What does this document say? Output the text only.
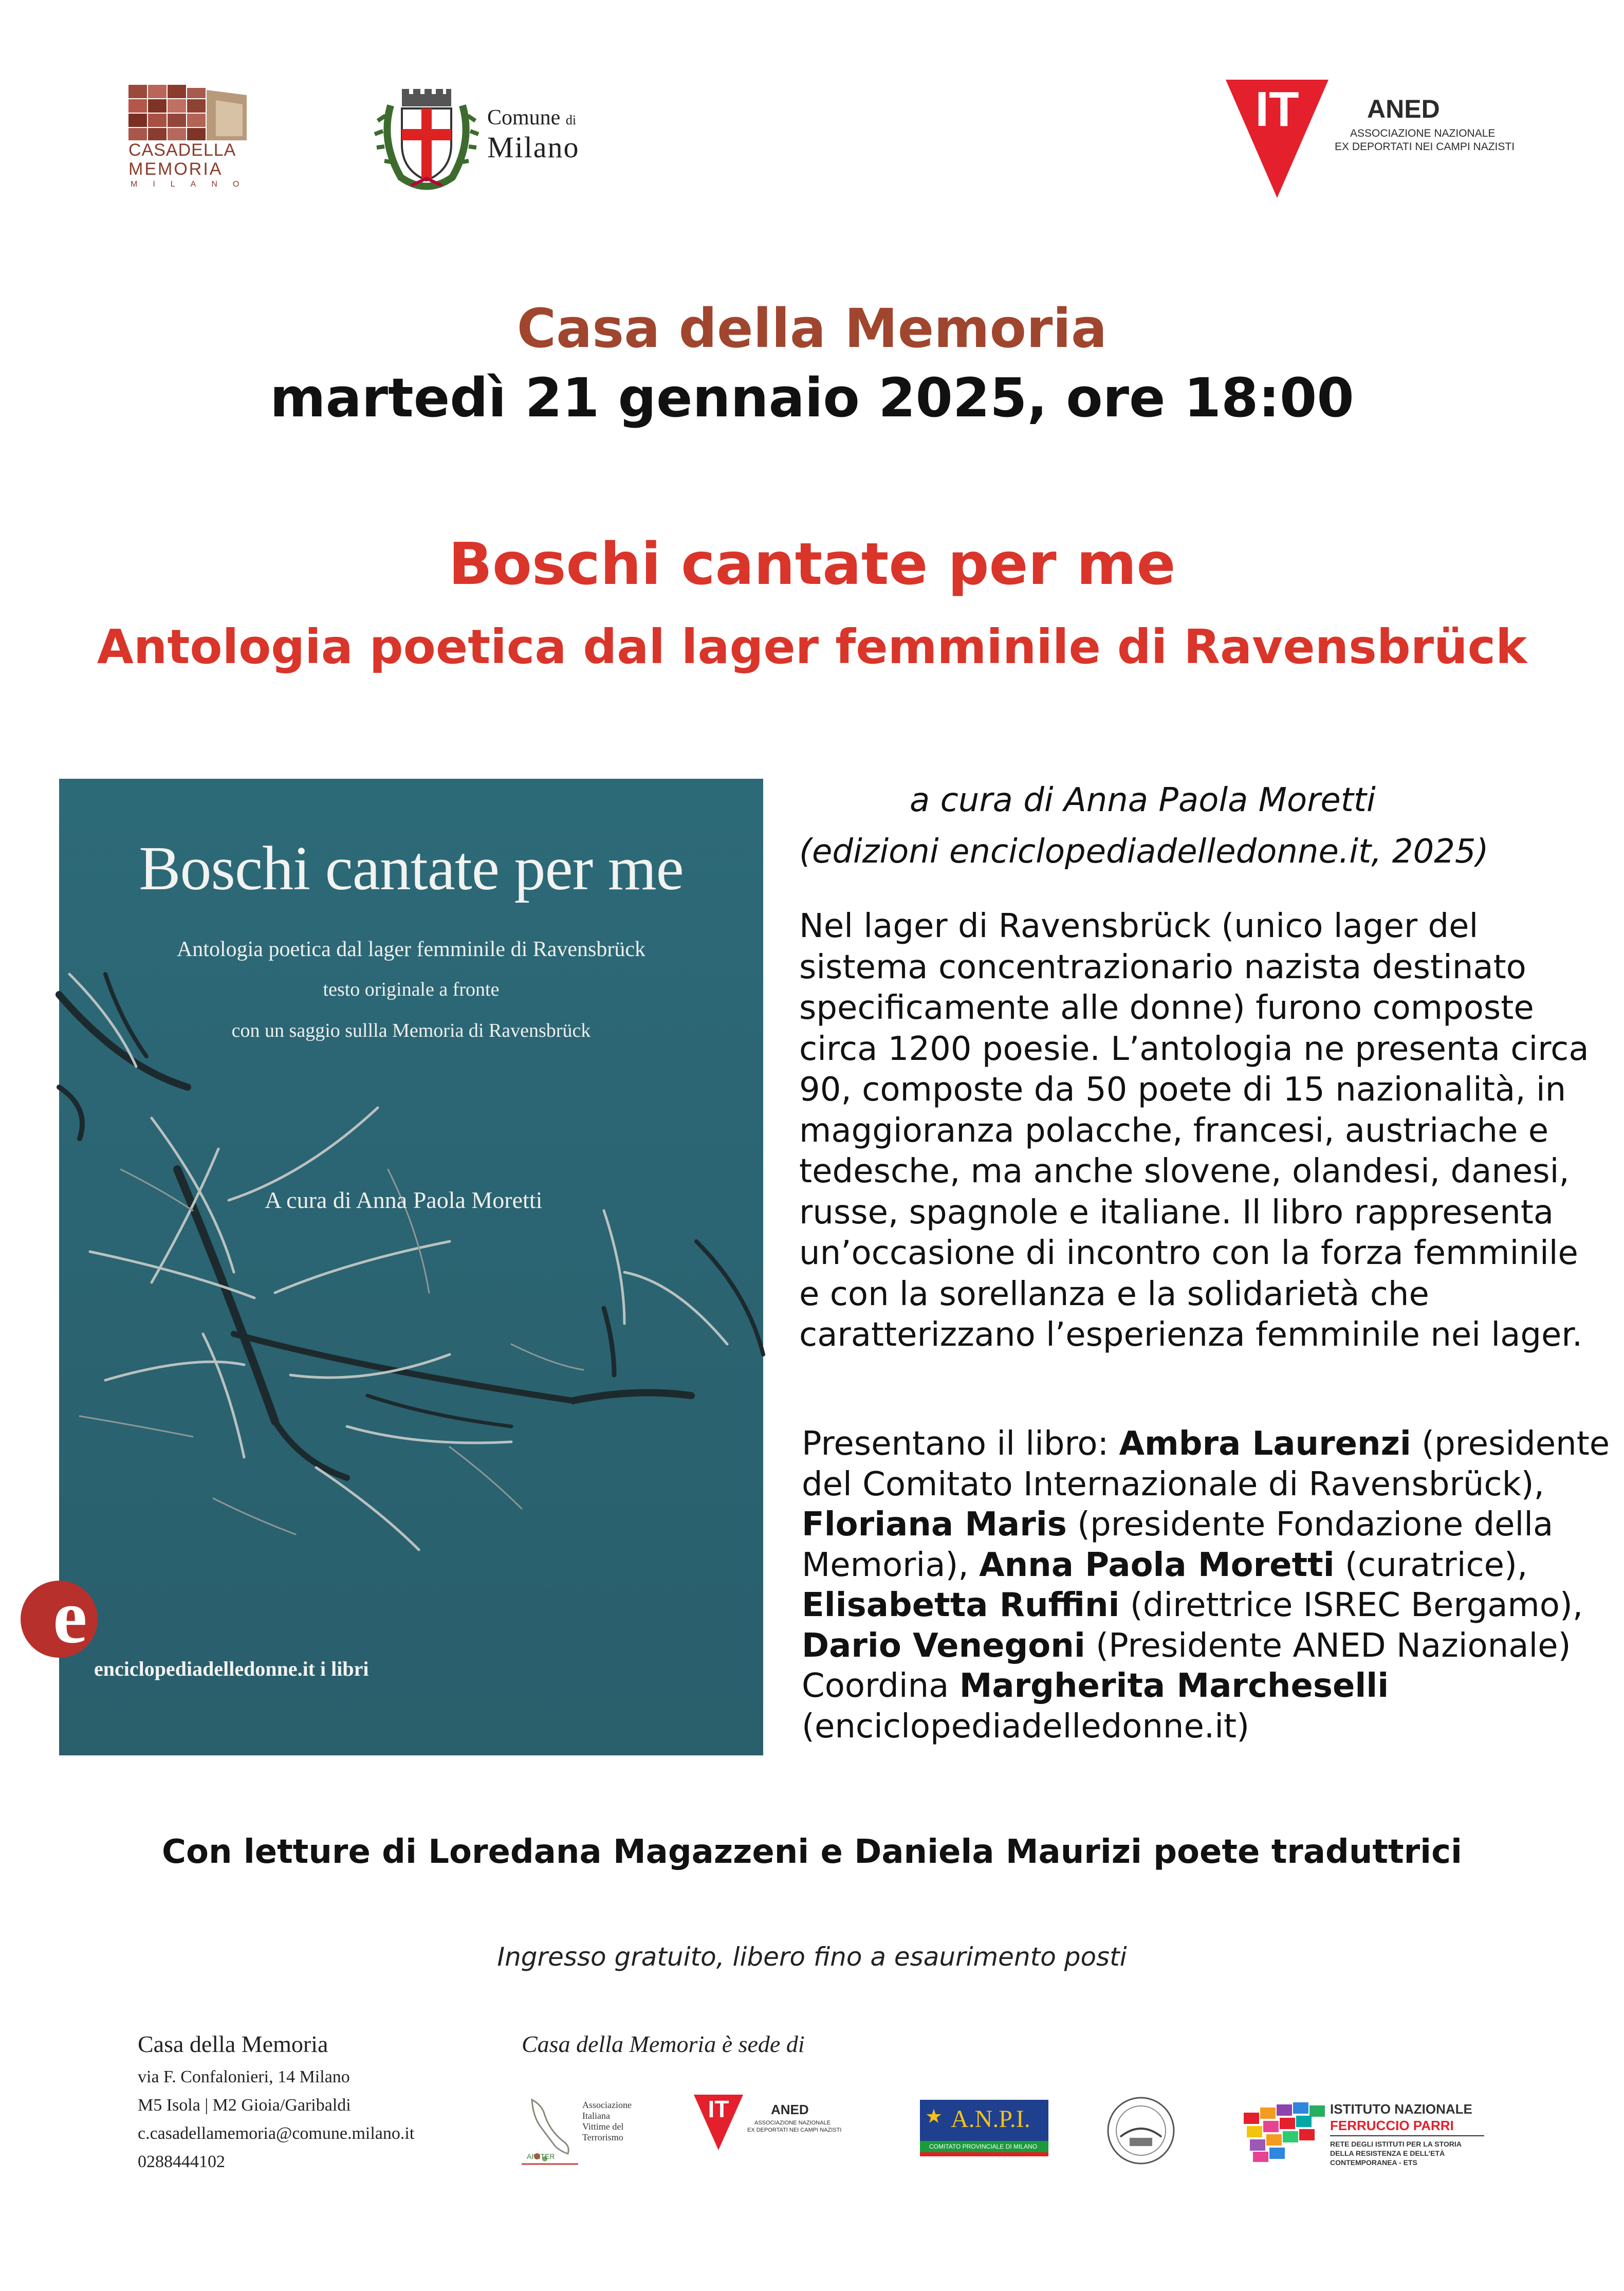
CASADELLA
MEMORIA
MILANO
Comune di
Milano
IT	ANED
ASSOCIAZIONE NAZIONALE
EX DEPORTATI NEI CAMPI NAZISTI
Casa della Memoria
martedì 21 gennaio 2025, ore 18:00
Boschi cantate per me
Antologia poetica dal lager femminile di Ravensbrück
Boschi cantate per me
Antologia poetica dal lager femminile di Ravensbrück
testo originale a fronte
con un saggio sullla Memoria di Ravensbrück
A cura di Anna Paola Moretti
e
enciclopediadelledonne.it i libri
a cura di Anna Paola Moretti
(edizioni enciclopediadelledonne.it, 2025)
Nel lager di Ravensbrück (unico lager del
sistema concentrazionario nazista destinato
specificamente alle donne) furono composte
circa 1200 poesie. L’antologia ne presenta circa
90, composte da 50 poete di 15 nazionalità, in
maggioranza polacche, francesi, austriache e
tedesche, ma anche slovene, olandesi, danesi,
russe, spagnole e italiane. Il libro rappresenta
un’occasione di incontro con la forza femminile
e con la sorellanza e la solidarietà che
caratterizzano l’esperienza femminile nei lager.
Presentano il libro: Ambra Laurenzi (presidente
del Comitato Internazionale di Ravensbrück),
Floriana Maris (presidente Fondazione della
Memoria), Anna Paola Moretti (curatrice),
Elisabetta Ruffini (direttrice ISREC Bergamo),
Dario Venegoni (Presidente ANED Nazionale)
Coordina Margherita Marcheselli
(enciclopediadelledonne.it)
Con letture di Loredana Magazzeni e Daniela Maurizi poete traduttrici
Ingresso gratuito, libero fino a esaurimento posti
Casa della Memoria
via F. Confalonieri, 14 Milano
M5 Isola | M2 Gioia/Garibaldi
c.casadellamemoria@comune.milano.it
0288444102
Casa della Memoria è sede di
Associazione
Italiana
Vittime del
Terrorismo
AIVITER
IT	ANED
ASSOCIAZIONE NAZIONALE
EX DEPORTATI NEI CAMPI NAZISTI
★ A.N.P.I.
COMITATO PROVINCIALE DI MILANO
ISTITUTO NAZIONALE
FERRUCCIO PARRI
RETE DEGLI ISTITUTI PER LA STORIA
DELLA RESISTENZA E DELL'ETÀ
CONTEMPORANEA - ETS
